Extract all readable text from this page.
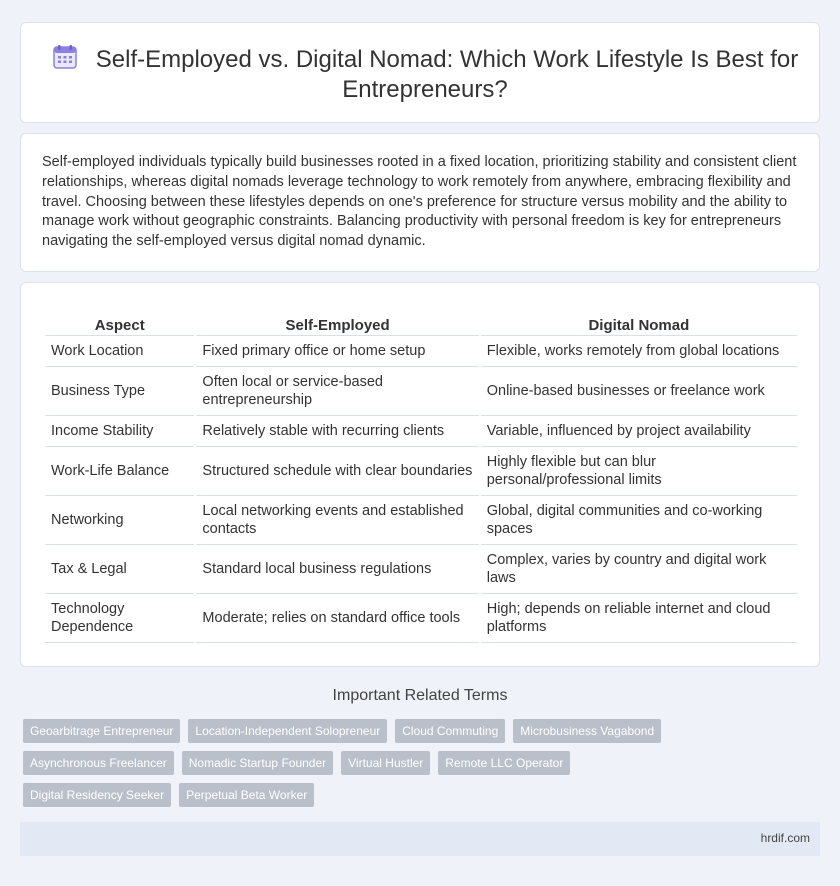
Self-Employed vs. Digital Nomad: Which Work Lifestyle Is Best for Entrepreneurs?

Self-employed individuals typically build businesses rooted in a fixed location, prioritizing stability and consistent client relationships, whereas digital nomads leverage technology to work remotely from anywhere, embracing flexibility and travel. Choosing between these lifestyles depends on one's preference for structure versus mobility and the ability to manage work without geographic constraints. Balancing productivity with personal freedom is key for entrepreneurs navigating the self-employed versus digital nomad dynamic.

Aspect	Self-Employed	Digital Nomad
Work Location	Fixed primary office or home setup	Flexible, works remotely from global locations
Business Type	Often local or service-based entrepreneurship	Online-based businesses or freelance work
Income Stability	Relatively stable with recurring clients	Variable, influenced by project availability
Work-Life Balance	Structured schedule with clear boundaries	Highly flexible but can blur personal/professional limits
Networking	Local networking events and established contacts	Global, digital communities and co-working spaces
Tax & Legal	Standard local business regulations	Complex, varies by country and digital work laws
Technology Dependence	Moderate; relies on standard office tools	High; depends on reliable internet and cloud platforms
Important Related Terms
Geoarbitrage Entrepreneur	Location-Independent Solopreneur	Cloud Commuting	Microbusiness Vagabond
Asynchronous Freelancer	Nomadic Startup Founder	Virtual Hustler	Remote LLC Operator
Digital Residency Seeker	Perpetual Beta Worker
hrdif.com
